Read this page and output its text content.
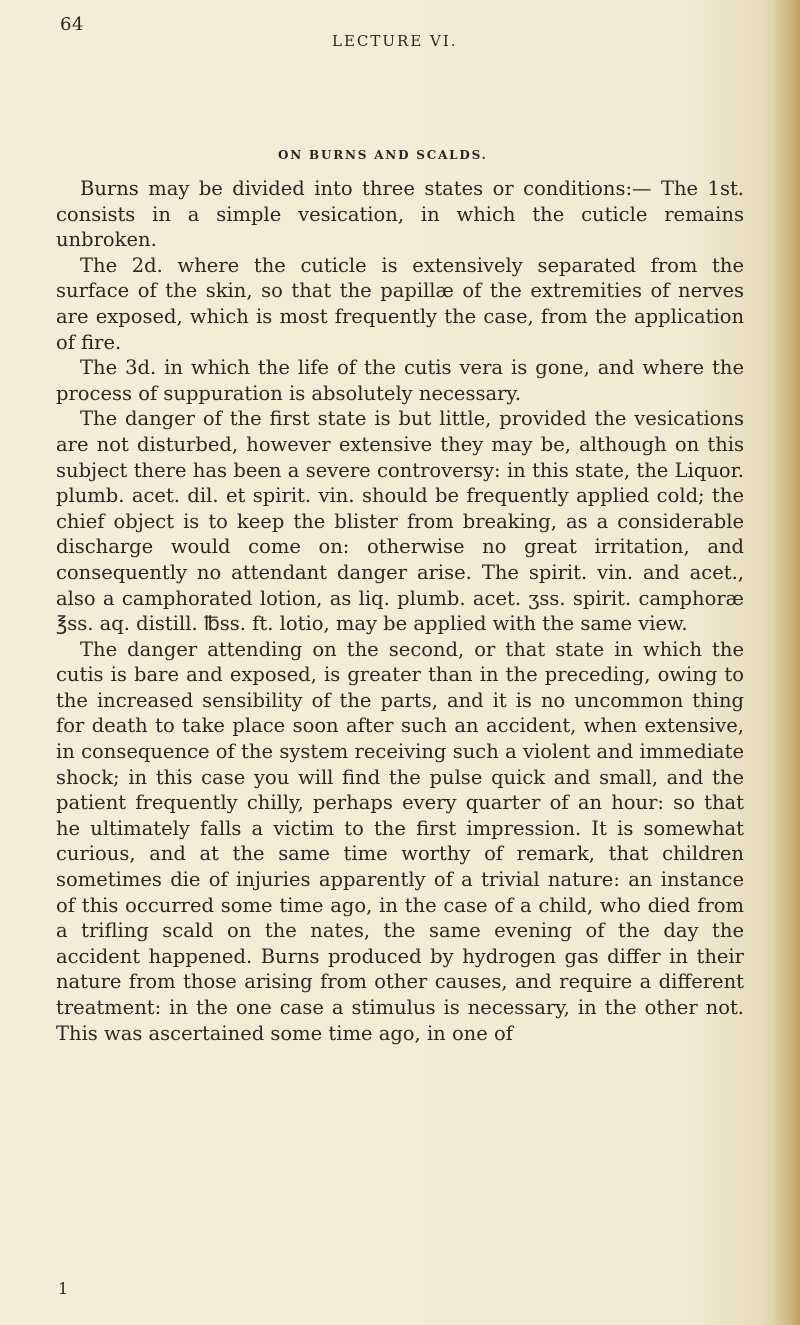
64
LECTURE VI.
ON BURNS AND SCALDS.

Burns may be divided into three states or conditions:— The 1st. consists in a simple vesication, in which the cuticle remains unbroken.

The 2d. where the cuticle is extensively separated from the surface of the skin, so that the papillæ of the extremities of nerves are exposed, which is most frequently the case, from the application of fire.

The 3d. in which the life of the cutis vera is gone, and where the process of suppuration is absolutely necessary.

The danger of the first state is but little, provided the vesications are not disturbed, however extensive they may be, although on this subject there has been a severe controversy: in this state, the Liquor. plumb. acet. dil. et spirit. vin. should be frequently applied cold; the chief object is to keep the blister from breaking, as a considerable discharge would come on: otherwise no great irritation, and consequently no attendant danger arise. The spirit. vin. and acet., also a camphorated lotion, as liq. plumb. acet. ʒss. spirit. camphoræ ℥ss. aq. distill. ℔ss. ft. lotio, may be applied with the same view.

The danger attending on the second, or that state in which the cutis is bare and exposed, is greater than in the preceding, owing to the increased sensibility of the parts, and it is no uncommon thing for death to take place soon after such an accident, when extensive, in consequence of the system receiving such a violent and immediate shock; in this case you will find the pulse quick and small, and the patient frequently chilly, perhaps every quarter of an hour: so that he ultimately falls a victim to the first impression. It is somewhat curious, and at the same time worthy of remark, that children sometimes die of injuries apparently of a trivial nature: an instance of this occurred some time ago, in the case of a child, who died from a trifling scald on the nates, the same evening of the day the accident happened. Burns produced by hydrogen gas differ in their nature from those arising from other causes, and require a different treatment: in the one case a stimulus is necessary, in the other not. This was ascertained some time ago, in one of

1
